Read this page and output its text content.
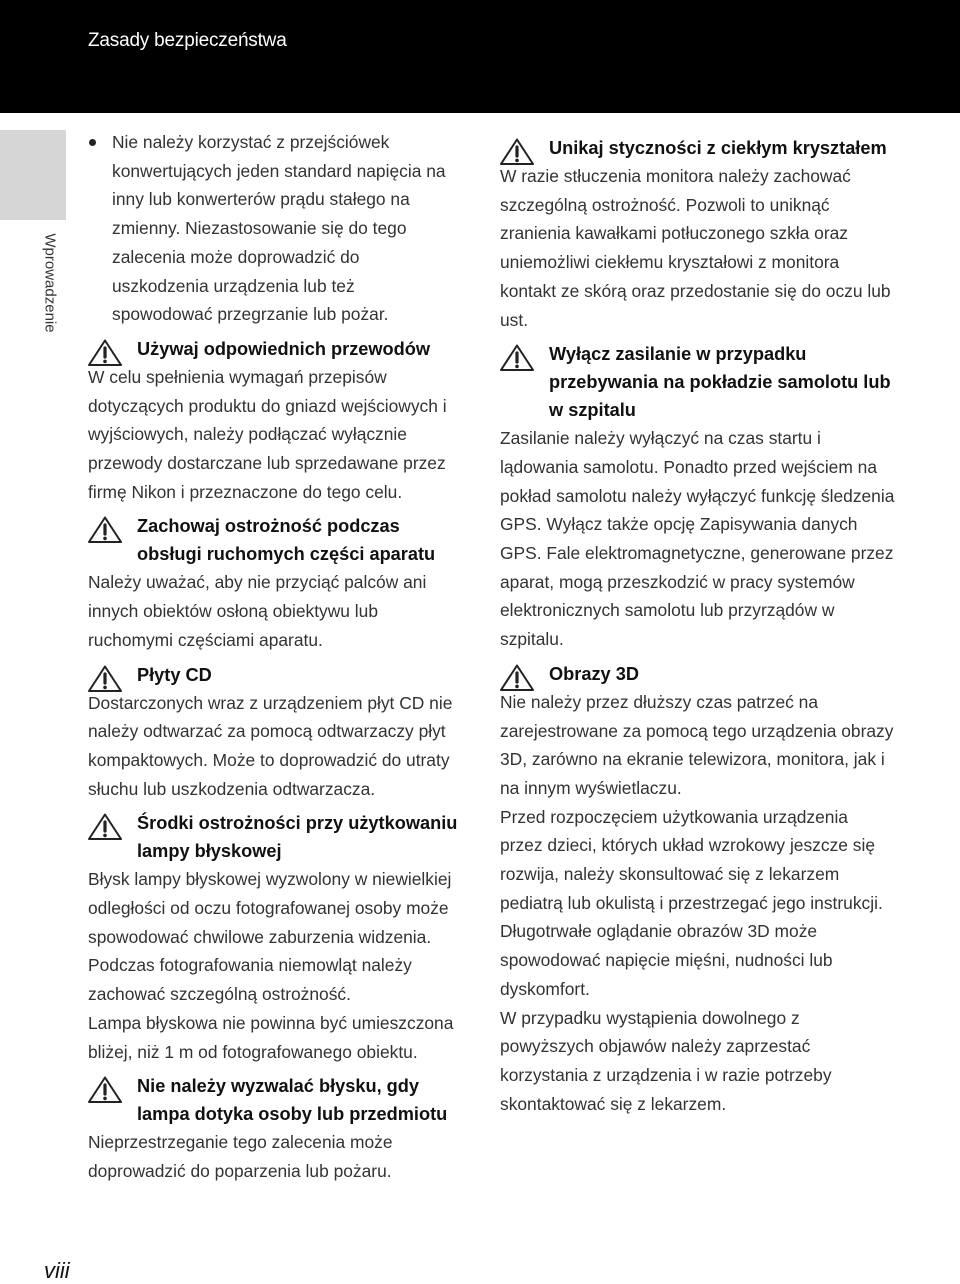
Zasady bezpieczeństwa
Wprowadzenie
Nie należy korzystać z przejściówek konwertujących jeden standard napięcia na inny lub konwerterów prądu stałego na zmienny. Niezastosowanie się do tego zalecenia może doprowadzić do uszkodzenia urządzenia lub też spowodować przegrzanie lub pożar.
Używaj odpowiednich przewodów

W celu spełnienia wymagań przepisów dotyczących produktu do gniazd wejściowych i wyjściowych, należy podłączać wyłącznie przewody dostarczane lub sprzedawane przez firmę Nikon i przeznaczone do tego celu.

Zachowaj ostrożność podczas obsługi ruchomych części aparatu

Należy uważać, aby nie przyciąć palców ani innych obiektów osłoną obiektywu lub ruchomymi częściami aparatu.

Płyty CD

Dostarczonych wraz z urządzeniem płyt CD nie należy odtwarzać za pomocą odtwarzaczy płyt kompaktowych. Może to doprowadzić do utraty słuchu lub uszkodzenia odtwarzacza.

Środki ostrożności przy użytkowaniu lampy błyskowej

Błysk lampy błyskowej wyzwolony w niewielkiej odległości od oczu fotografowanej osoby może spowodować chwilowe zaburzenia widzenia.

Podczas fotografowania niemowląt należy zachować szczególną ostrożność.

Lampa błyskowa nie powinna być umieszczona bliżej, niż 1 m od fotografowanego obiektu.

Nie należy wyzwalać błysku, gdy lampa dotyka osoby lub przedmiotu

Nieprzestrzeganie tego zalecenia może doprowadzić do poparzenia lub pożaru.

Unikaj styczności z ciekłym kryształem

W razie stłuczenia monitora należy zachować szczególną ostrożność. Pozwoli to uniknąć zranienia kawałkami potłuczonego szkła oraz uniemożliwi ciekłemu kryształowi z monitora kontakt ze skórą oraz przedostanie się do oczu lub ust.

Wyłącz zasilanie w przypadku przebywania na pokładzie samolotu lub w szpitalu

Zasilanie należy wyłączyć na czas startu i lądowania samolotu. Ponadto przed wejściem na pokład samolotu należy wyłączyć funkcję śledzenia GPS. Wyłącz także opcję Zapisywania danych GPS. Fale elektromagnetyczne, generowane przez aparat, mogą przeszkodzić w pracy systemów elektronicznych samolotu lub przyrządów w szpitalu.

Obrazy 3D

Nie należy przez dłuższy czas patrzeć na zarejestrowane za pomocą tego urządzenia obrazy 3D, zarówno na ekranie telewizora, monitora, jak i na innym wyświetlaczu.

Przed rozpoczęciem użytkowania urządzenia przez dzieci, których układ wzrokowy jeszcze się rozwija, należy skonsultować się z lekarzem pediatrą lub okulistą i przestrzegać jego instrukcji.

Długotrwałe oglądanie obrazów 3D może spowodować napięcie mięśni, nudności lub dyskomfort.

W przypadku wystąpienia dowolnego z powyższych objawów należy zaprzestać korzystania z urządzenia i w razie potrzeby skontaktować się z lekarzem.

viii
